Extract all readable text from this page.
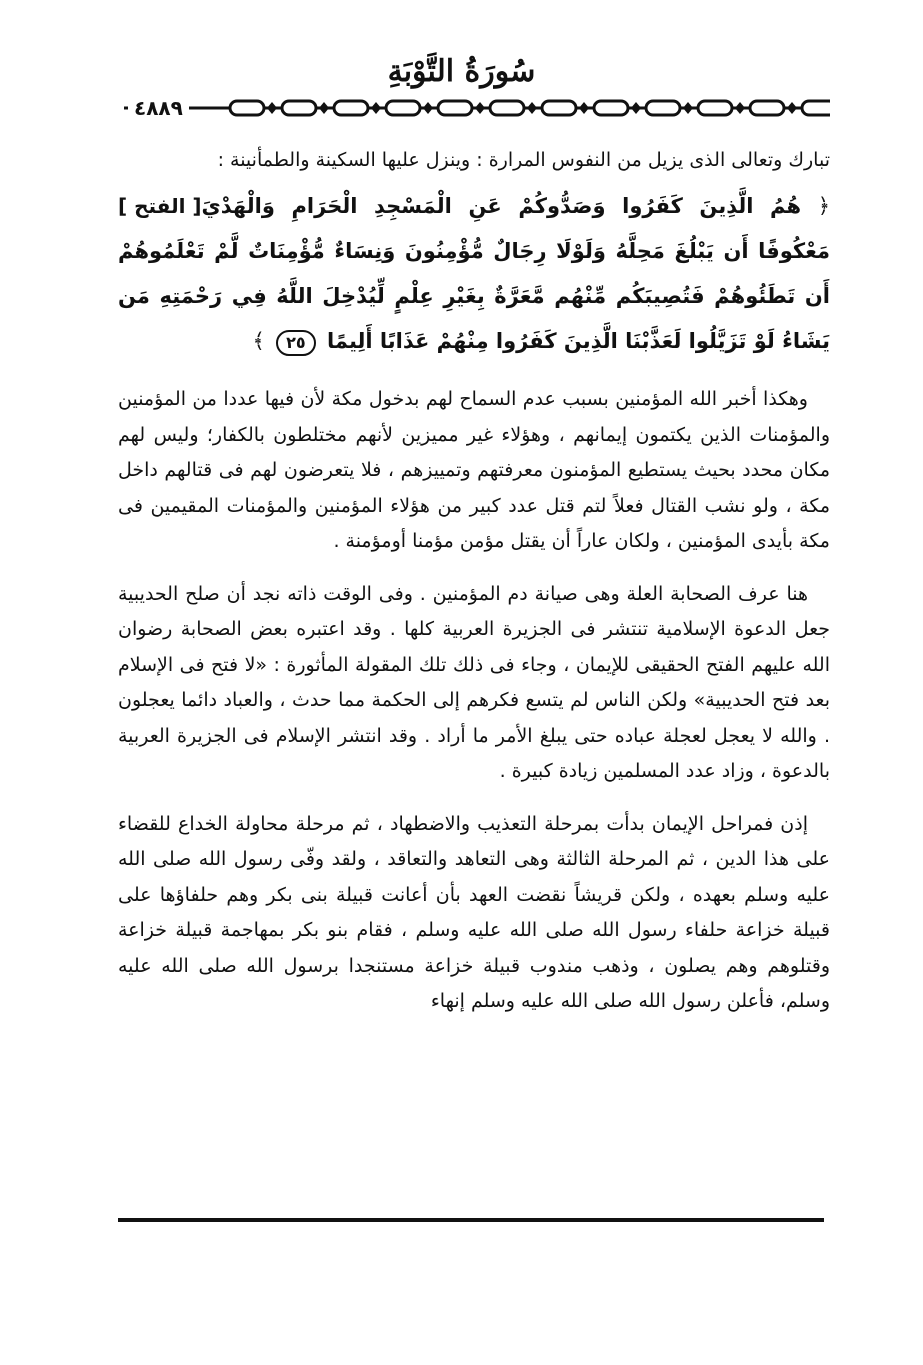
سُورَةُ التَّوْبَةِ
٤٨٨٩

تبارك وتعالى الذى يزيل من النفوس المرارة : وينزل عليها السكينة والطمأنينة :

[ الفتح ]	﴿ هُمُ الَّذِينَ كَفَرُوا وَصَدُّوكُمْ عَنِ الْمَسْجِدِ الْحَرَامِ وَالْهَدْيَ مَعْكُوفًا أَن يَبْلُغَ مَحِلَّهُ وَلَوْلَا رِجَالٌ مُّؤْمِنُونَ وَنِسَاءٌ مُّؤْمِنَاتٌ لَّمْ تَعْلَمُوهُمْ أَن تَطَئُوهُمْ فَتُصِيبَكُم مِّنْهُم مَّعَرَّةٌ بِغَيْرِ عِلْمٍ لِّيُدْخِلَ اللَّهُ فِي رَحْمَتِهِ مَن يَشَاءُ لَوْ تَزَيَّلُوا لَعَذَّبْنَا الَّذِينَ كَفَرُوا مِنْهُمْ عَذَابًا أَلِيمًا ٢٥ ﴾

وهكذا أخبر الله المؤمنين بسبب عدم السماح لهم بدخول مكة لأن فيها عددا من المؤمنين والمؤمنات الذين يكتمون إيمانهم ، وهؤلاء غير مميزين لأنهم مختلطون بالكفار؛ وليس لهم مكان محدد بحيث يستطيع المؤمنون معرفتهم وتمييزهم ، فلا يتعرضون لهم فى قتالهم داخل مكة ، ولو نشب القتال فعلاً لتم قتل عدد كبير من هؤلاء المؤمنين والمؤمنات المقيمين فى مكة بأيدى المؤمنين ، ولكان عاراً أن يقتل مؤمن مؤمنا أومؤمنة .

هنا عرف الصحابة العلة وهى صيانة دم المؤمنين . وفى الوقت ذاته نجد أن صلح الحديبية جعل الدعوة الإسلامية تنتشر فى الجزيرة العربية كلها . وقد اعتبره بعض الصحابة رضوان الله عليهم الفتح الحقيقى للإيمان ، وجاء فى ذلك تلك المقولة المأثورة : «لا فتح فى الإسلام بعد فتح الحديبية» ولكن الناس لم يتسع فكرهم إلى الحكمة مما حدث ، والعباد دائما يعجلون . والله لا يعجل لعجلة عباده حتى يبلغ الأمر ما أراد . وقد انتشر الإسلام فى الجزيرة العربية بالدعوة ، وزاد عدد المسلمين زيادة كبيرة .

إذن فمراحل الإيمان بدأت بمرحلة التعذيب والاضطهاد ، ثم مرحلة محاولة الخداع للقضاء على هذا الدين ، ثم المرحلة الثالثة وهى التعاهد والتعاقد ، ولقد وفّى رسول الله صلى الله عليه وسلم بعهده ، ولكن قريشاً نقضت العهد بأن أعانت قبيلة بنى بكر وهم حلفاؤها على قبيلة خزاعة حلفاء رسول الله صلى الله عليه وسلم ، فقام بنو بكر بمهاجمة قبيلة خزاعة وقتلوهم وهم يصلون ، وذهب مندوب قبيلة خزاعة مستنجدا برسول الله صلى الله عليه وسلم، فأعلن رسول الله صلى الله عليه وسلم إنهاء
